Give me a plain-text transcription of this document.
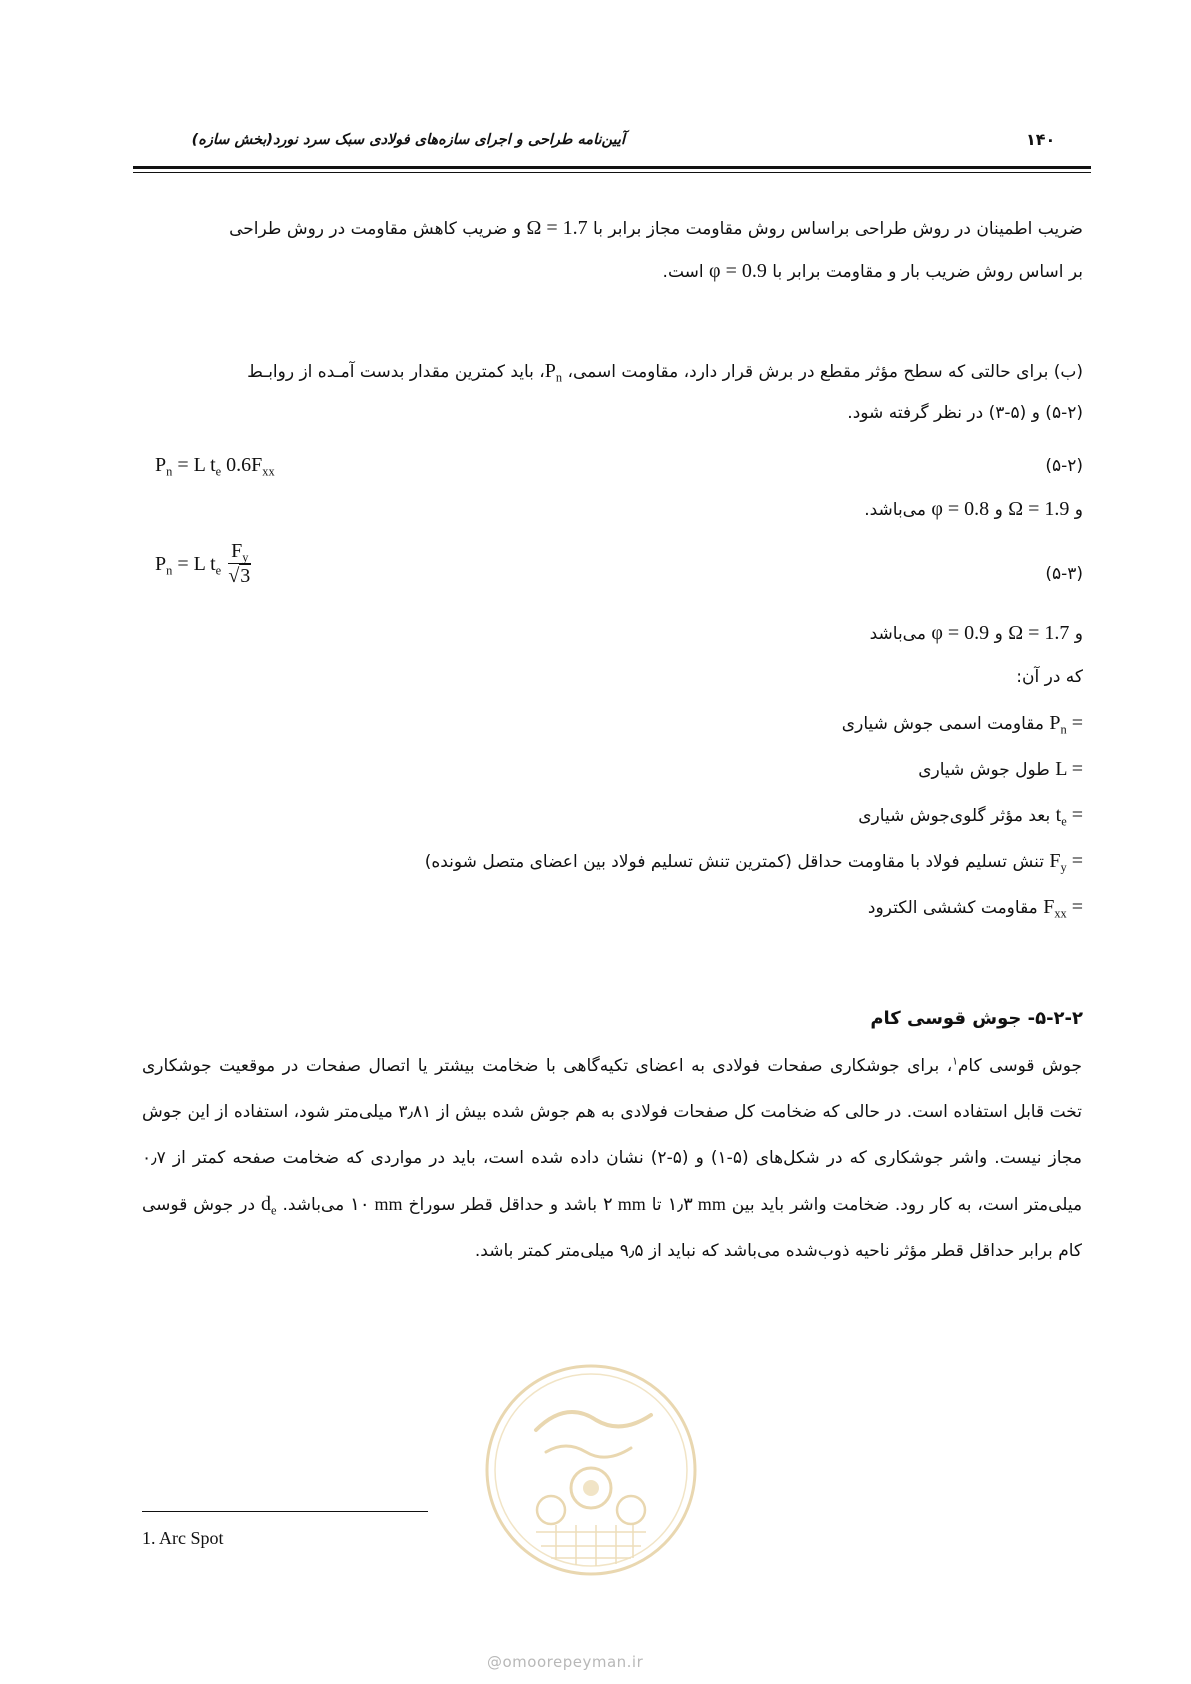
۱۴۰
آیین‌نامه طراحی و اجرای سازه‌های فولادی سبک سرد نورد(بخش سازه)
ضریب اطمینان در روش طراحی براساس روش مقاومت مجاز برابر با Ω = 1.7 و ضریب کاهش مقاومت در روش طراحی
بر اساس روش ضریب بار و مقاومت برابر با φ = 0.9 است.
(ب) برای حالتی که سطح مؤثر مقطع در برش قرار دارد، مقاومت اسمی، $P_n،$ باید کمترین مقدار بدست آمـده از روابـط
(۵-۲) و (۵-۳) در نظر گرفته شود.
$P_n = L$ $t_e$ $0.6F_{xx}$	(۵-۲)
و Ω = 1.9 و φ = 0.8 می‌باشد.
$P_n = L$ $t_e \frac{F_y}{√3}$	(۵-۳)
و Ω = 1.7 و φ = 0.9 می‌باشد
که در آن:
$P_n$ = مقاومت اسمی جوش شیاری
L = طول جوش شیاری
$t_e$ = بعد مؤثر گلوی‌جوش شیاری
$F_y$ = تنش تسلیم فولاد با مقاومت حداقل (کمترین تنش تسلیم فولاد بین اعضای متصل شونده)
$F_{xx}$ = مقاومت کششی الکترود
۵-۲-۲- جوش قوسی کام
جوش قوسی کام$^۱$، برای جوشکاری صفحات فولادی به اعضای تکیه‌گاهی با ضخامت بیشتر یا اتصال صفحات در موقعیت جوشکاری تخت قابل استفاده است. در حالی که ضخامت کل صفحات فولادی به هم جوش شده بیش از ۳٫۸۱ میلی‌متر شود، استفاده از این جوش مجاز نیست. واشر جوشکاری که در شکل‌های (۵-۱) و (۵-۲) نشان داده شده است، باید در مواردی که ضخامت صفحه کمتر از ۰٫۷ میلی‌متر است، به کار رود. ضخامت واشر باید بین ۱٫۳ mm تا ۲ mm باشد و حداقل قطر سوراخ ۱۰ mm می‌باشد. $d_e$ در جوش قوسی کام برابر حداقل قطر مؤثر ناحیه ذوب‌شده می‌باشد که نباید از ۹٫۵ میلی‌متر کمتر باشد.
1. Arc Spot
@omoorepeyman.ir
